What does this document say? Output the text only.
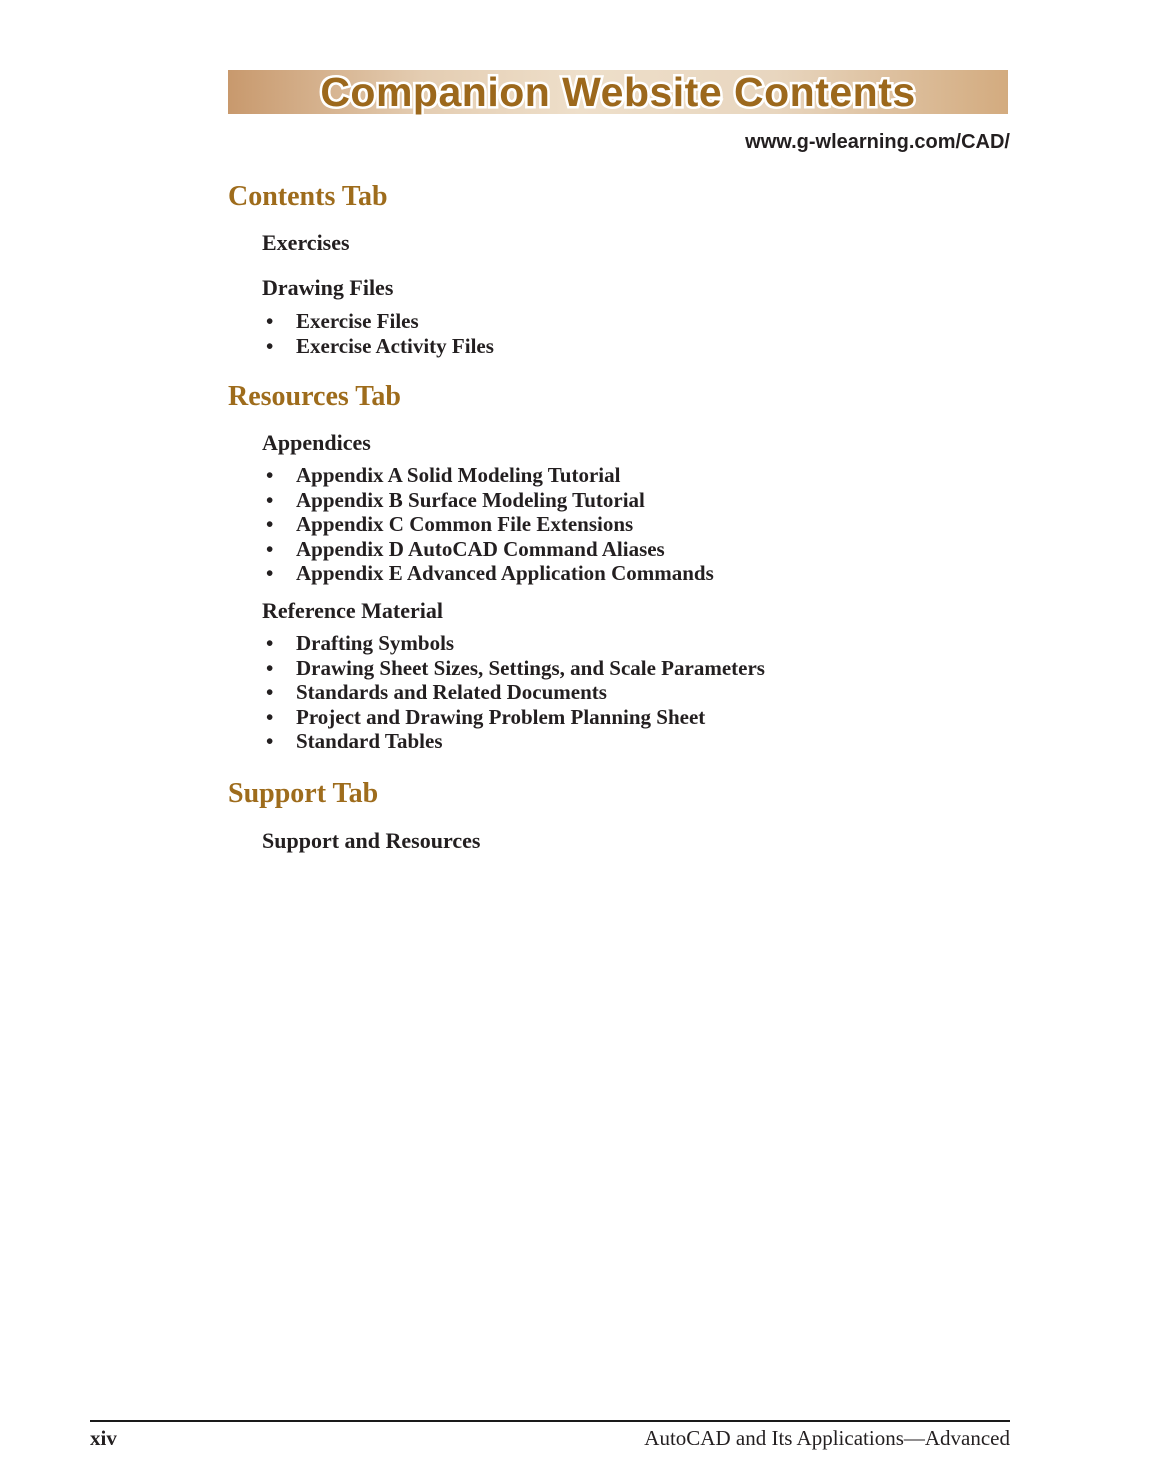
Companion Website Contents
www.g-wlearning.com/CAD/
Contents Tab
Exercises
Drawing Files
• Exercise Files
• Exercise Activity Files
Resources Tab
Appendices
• Appendix A Solid Modeling Tutorial
• Appendix B Surface Modeling Tutorial
• Appendix C Common File Extensions
• Appendix D AutoCAD Command Aliases
• Appendix E Advanced Application Commands
Reference Material
• Drafting Symbols
• Drawing Sheet Sizes, Settings, and Scale Parameters
• Standards and Related Documents
• Project and Drawing Problem Planning Sheet
• Standard Tables
Support Tab
Support and Resources
xiv	AutoCAD and Its Applications—Advanced
